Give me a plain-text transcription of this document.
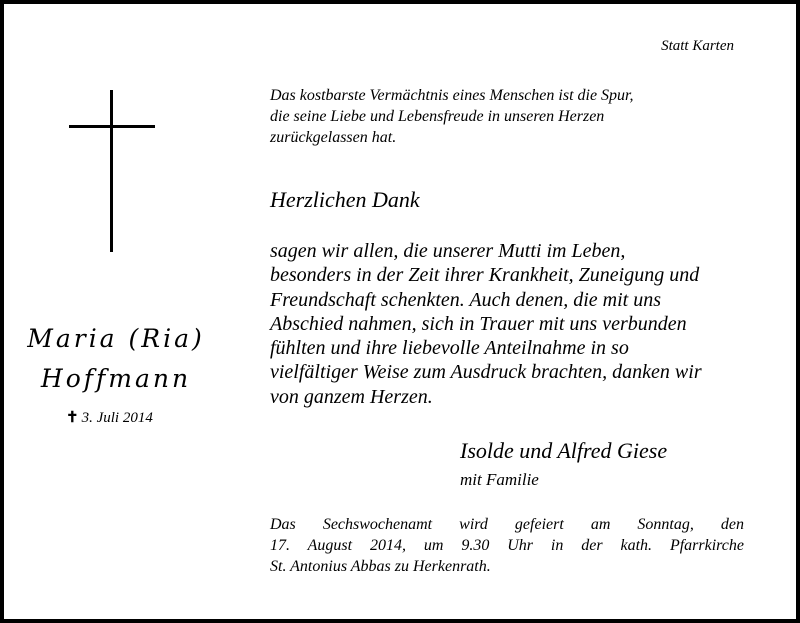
Maria (Ria)
Hoffmann
✝ 3. Juli 2014
Statt Karten
Das kostbarste Vermächtnis eines Menschen ist die Spur,
die seine Liebe und Lebensfreude in unseren Herzen
zurückgelassen hat.
Herzlichen Dank
sagen wir allen, die unserer Mutti im Leben,
besonders in der Zeit ihrer Krankheit, Zuneigung und
Freundschaft schenkten. Auch denen, die mit uns
Abschied nahmen, sich in Trauer mit uns verbunden
fühlten und ihre liebevolle Anteilnahme in so
vielfältiger Weise zum Ausdruck brachten, danken wir
von ganzem Herzen.
Isolde und Alfred Giese
mit Familie
Das Sechswochenamt wird gefeiert am Sonntag, den
17. August 2014, um 9.30 Uhr in der kath. Pfarrkirche
St. Antonius Abbas zu Herkenrath.
